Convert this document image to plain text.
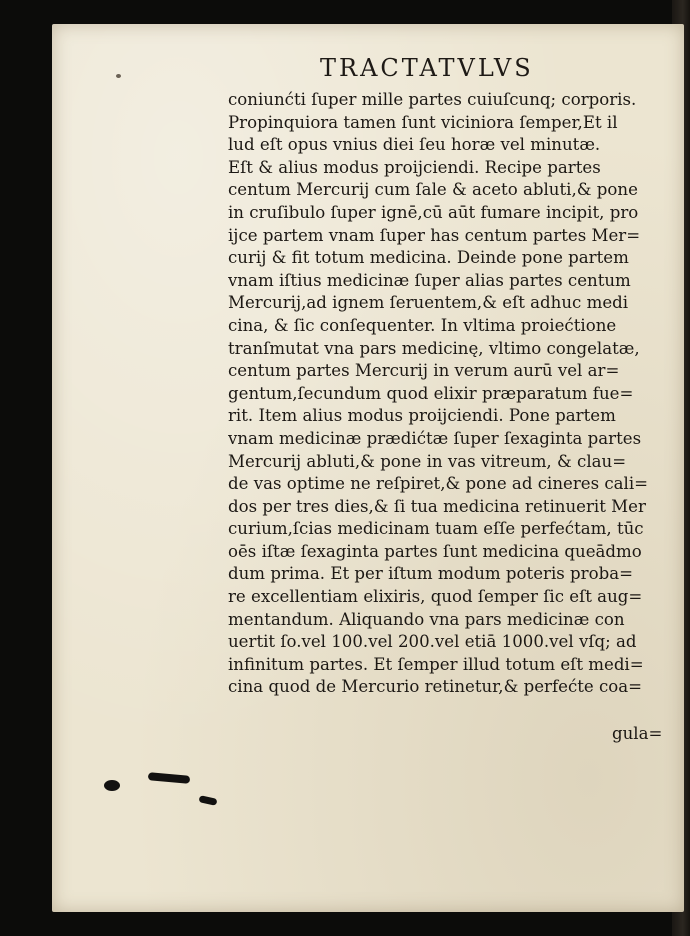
TRACTATVLVS
coniunćti ſuper mille partes cuiuſcunq; corporis.
Propinquiora tamen ſunt viciniora ſemper,Et il
lud eſt opus vnius diei ſeu horæ vel minutæ.
Eſt & alius modus proijciendi. Recipe partes
centum Mercurij cum ſale & aceto abluti,& pone
in cruſibulo ſuper ignē,cū aūt fumare incipit, pro
ijce partem vnam ſuper has centum partes Mer=
curij & fit totum medicina. Deinde pone partem
vnam iſtius medicinæ ſuper alias partes centum
Mercurij,ad ignem ſeruentem,& eſt adhuc medi
cina, & ſic conſequenter. In vltima proiećtione
tranſmutat vna pars medicinę, vltimo congelatæ,
centum partes Mercurij in verum aurū vel ar=
gentum,ſecundum quod elixir præparatum fue=
rit. Item alius modus proijciendi. Pone partem
vnam medicinæ prædićtæ ſuper ſexaginta partes
Mercurij abluti,& pone in vas vitreum, & clau=
de vas optime ne reſpiret,& pone ad cineres cali=
dos per tres dies,& ſi tua medicina retinuerit Mer
curium,ſcias medicinam tuam eſſe perfećtam, tūc
oēs iſtæ ſexaginta partes ſunt medicina queādmo
dum prima. Et per iſtum modum poteris proba=
re excellentiam elixiris, quod ſemper ſic eſt aug=
mentandum. Aliquando vna pars medicinæ con
uertit ſo.vel 100.vel 200.vel etiā 1000.vel vſq; ad
infinitum partes. Et ſemper illud totum eſt medi=
cina quod de Mercurio retinetur,& perfećte coa=
gula=
